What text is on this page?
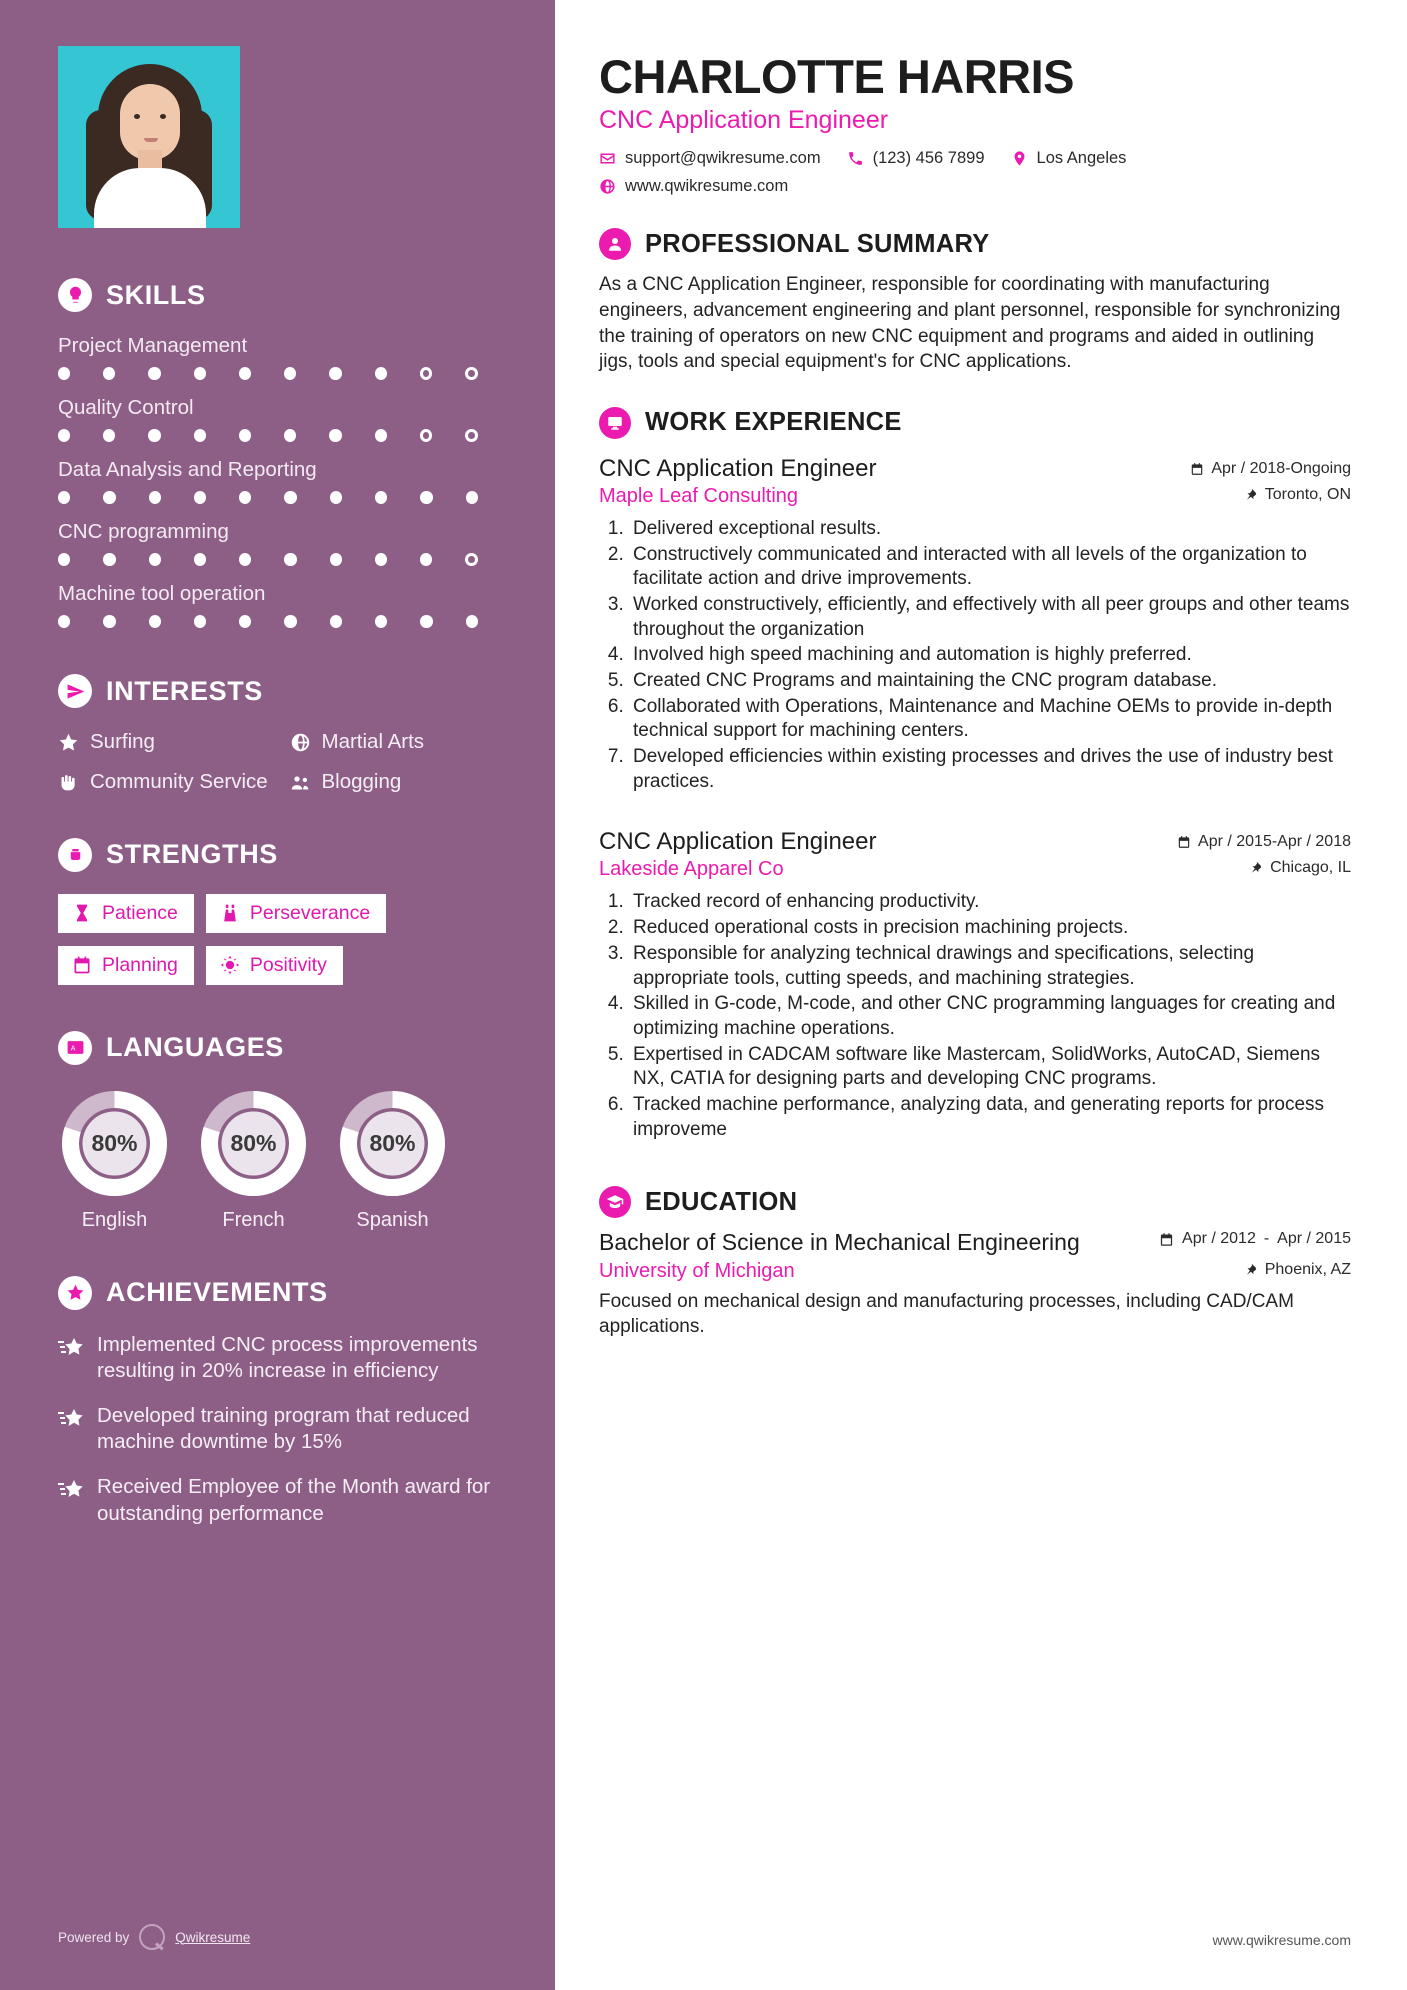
SKILLS
Project Management
Quality Control
Data Analysis and Reporting
CNC programming
Machine tool operation
INTERESTS
Surfing	Martial Arts
Community Service	Blogging
STRENGTHS
Patience	Perseverance
Planning	Positivity
A LANGUAGES
80%
English
80%
French
80%
Spanish
ACHIEVEMENTS
Implemented CNC process improvements resulting in 20% increase in efficiency
Developed training program that reduced machine downtime by 15%
Received Employee of the Month award for outstanding performance
Powered by	Qwikresume
CHARLOTTE HARRIS
CNC Application Engineer
support@qwikresume.com	(123) 456 7899	Los Angeles
www.qwikresume.com
PROFESSIONAL SUMMARY

As a CNC Application Engineer, responsible for coordinating with manufacturing engineers, advancement engineering and plant personnel, responsible for synchronizing the training of operators on new CNC equipment and programs and aided in outlining jigs, tools and special equipment's for CNC applications.

WORK EXPERIENCE
CNC Application Engineer	Apr / 2018-Ongoing
Maple Leaf Consulting	Toronto, ON
1. Delivered exceptional results.
2. Constructively communicated and interacted with all levels of the organization to facilitate action and drive improvements.
3. Worked constructively, efficiently, and effectively with all peer groups and other teams throughout the organization
4. Involved high speed machining and automation is highly preferred.
5. Created CNC Programs and maintaining the CNC program database.
6. Collaborated with Operations, Maintenance and Machine OEMs to provide in-depth technical support for machining centers.
7. Developed efficiencies within existing processes and drives the use of industry best practices.
CNC Application Engineer	Apr / 2015-Apr / 2018
Lakeside Apparel Co	Chicago, IL
1. Tracked record of enhancing productivity.
2. Reduced operational costs in precision machining projects.
3. Responsible for analyzing technical drawings and specifications, selecting appropriate tools, cutting speeds, and machining strategies.
4. Skilled in G-code, M-code, and other CNC programming languages for creating and optimizing machine operations.
5. Expertised in CADCAM software like Mastercam, SolidWorks, AutoCAD, Siemens NX, CATIA for designing parts and developing CNC programs.
6. Tracked machine performance, analyzing data, and generating reports for process improveme
EDUCATION
Bachelor of Science in Mechanical Engineering	Apr / 2012 - Apr / 2015
University of Michigan	Phoenix, AZ

Focused on mechanical design and manufacturing processes, including CAD/CAM applications.

www.qwikresume.com
